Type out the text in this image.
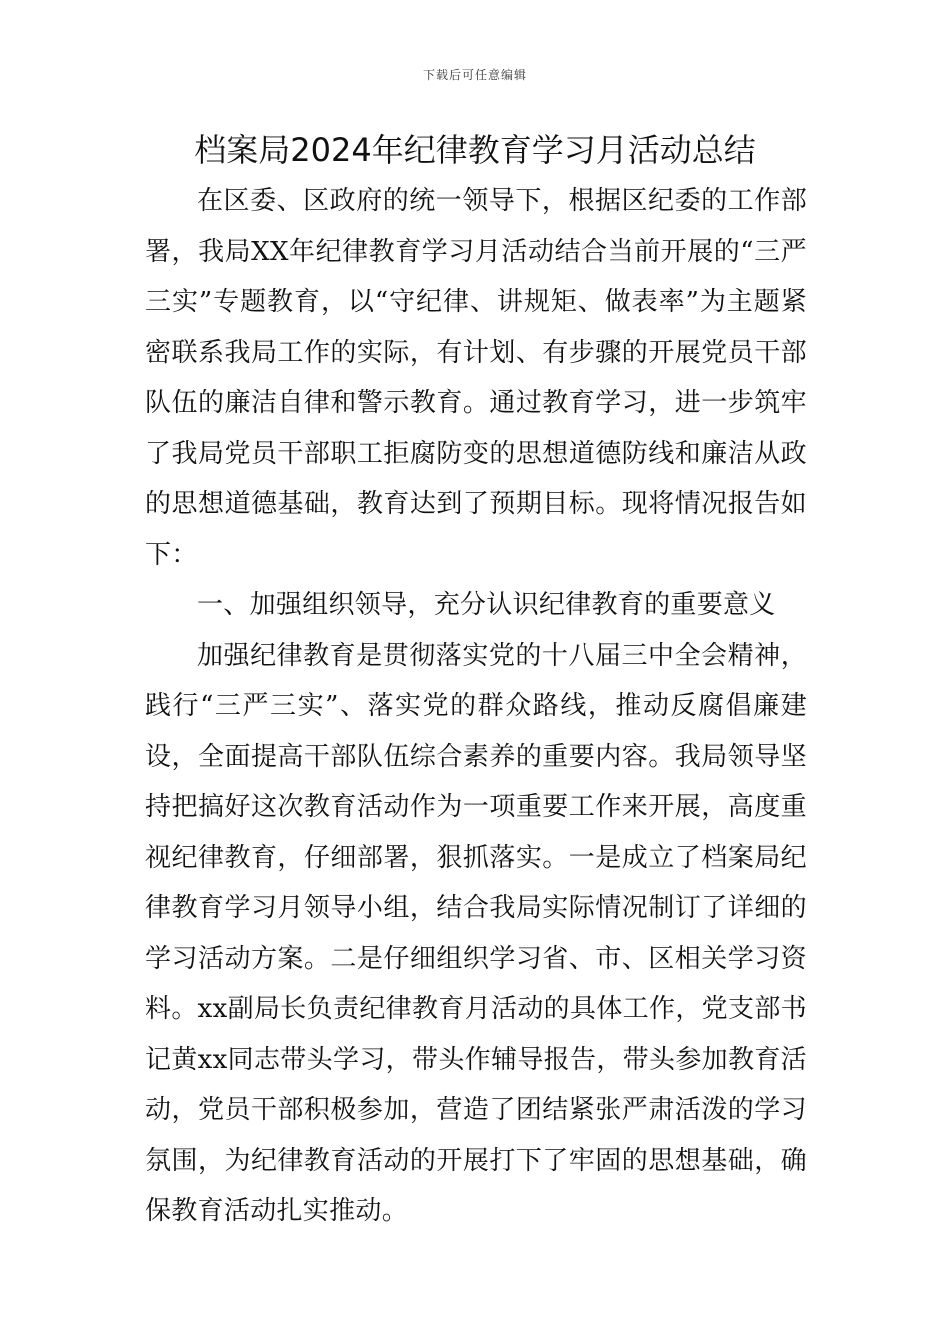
下载后可任意编辑
档案局2024年纪律教育学习月活动总结

在区委、区政府的统一领导下，根据区纪委的工作部署，我局XX年纪律教育学习月活动结合当前开展的“三严三实”专题教育，以“守纪律、讲规矩、做表率”为主题紧密联系我局工作的实际，有计划、有步骤的开展党员干部队伍的廉洁自律和警示教育。通过教育学习，进一步筑牢了我局党员干部职工拒腐防变的思想道德防线和廉洁从政的思想道德基础，教育达到了预期目标。现将情况报告如下：

一、加强组织领导，充分认识纪律教育的重要意义

加强纪律教育是贯彻落实党的十八届三中全会精神，践行“三严三实”、落实党的群众路线，推动反腐倡廉建设，全面提高干部队伍综合素养的重要内容。我局领导坚持把搞好这次教育活动作为一项重要工作来开展，高度重视纪律教育，仔细部署，狠抓落实。一是成立了档案局纪律教育学习月领导小组，结合我局实际情况制订了详细的学习活动方案。二是仔细组织学习省、市、区相关学习资料。xx副局长负责纪律教育月活动的具体工作，党支部书记黄xx同志带头学习，带头作辅导报告，带头参加教育活动，党员干部积极参加，营造了团结紧张严肃活泼的学习氛围，为纪律教育活动的开展打下了牢固的思想基础，确保教育活动扎实推动。
